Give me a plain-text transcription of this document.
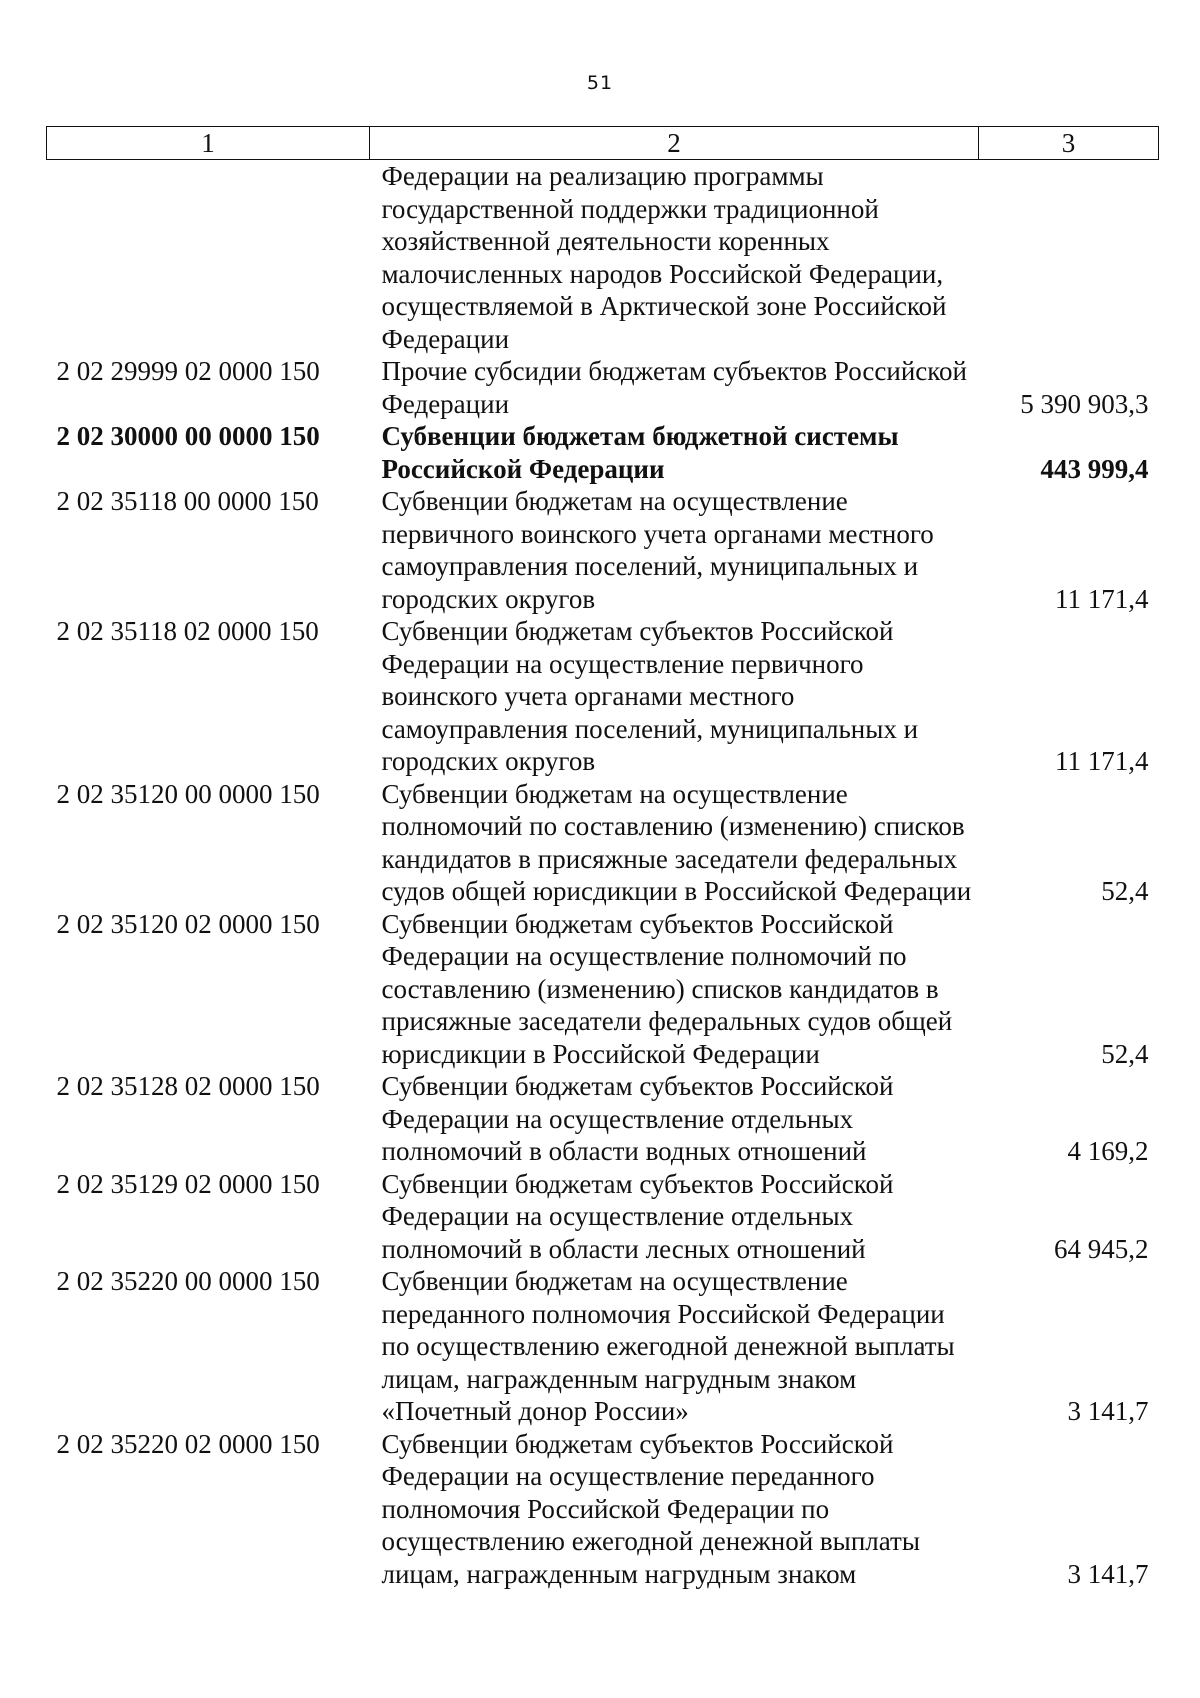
51
1	2	3
	Федерации на реализацию программы государственной поддержки традиционной хозяйственной деятельности коренных малочисленных народов Российской Федерации, осуществляемой в Арктической зоне Российской Федерации	
2 02 29999 02 0000 150	Прочие субсидии бюджетам субъектов Российской Федерации	5 390 903,3
2 02 30000 00 0000 150	Субвенции бюджетам бюджетной системы Российской Федерации	443 999,4
2 02 35118 00 0000 150	Субвенции бюджетам на осуществление первичного воинского учета органами местного самоуправления поселений, муниципальных и городских округов	11 171,4
2 02 35118 02 0000 150	Субвенции бюджетам субъектов Российской Федерации на осуществление первичного воинского учета органами местного самоуправления поселений, муниципальных и городских округов	11 171,4
2 02 35120 00 0000 150	Субвенции бюджетам на осуществление полномочий по составлению (изменению) списков кандидатов в присяжные заседатели федеральных судов общей юрисдикции в Российской Федерации	52,4
2 02 35120 02 0000 150	Субвенции бюджетам субъектов Российской Федерации на осуществление полномочий по составлению (изменению) списков кандидатов в присяжные заседатели федеральных судов общей юрисдикции в Российской Федерации	52,4
2 02 35128 02 0000 150	Субвенции бюджетам субъектов Российской Федерации на осуществление отдельных полномочий в области водных отношений	4 169,2
2 02 35129 02 0000 150	Субвенции бюджетам субъектов Российской Федерации на осуществление отдельных полномочий в области лесных отношений	64 945,2
2 02 35220 00 0000 150	Субвенции бюджетам на осуществление переданного полномочия Российской Федерации по осуществлению ежегодной денежной выплаты лицам, награжденным нагрудным знаком «Почетный донор России»	3 141,7
2 02 35220 02 0000 150	Субвенции бюджетам субъектов Российской Федерации на осуществление переданного полномочия Российской Федерации по осуществлению ежегодной денежной выплаты лицам, награжденным нагрудным знаком	3 141,7
